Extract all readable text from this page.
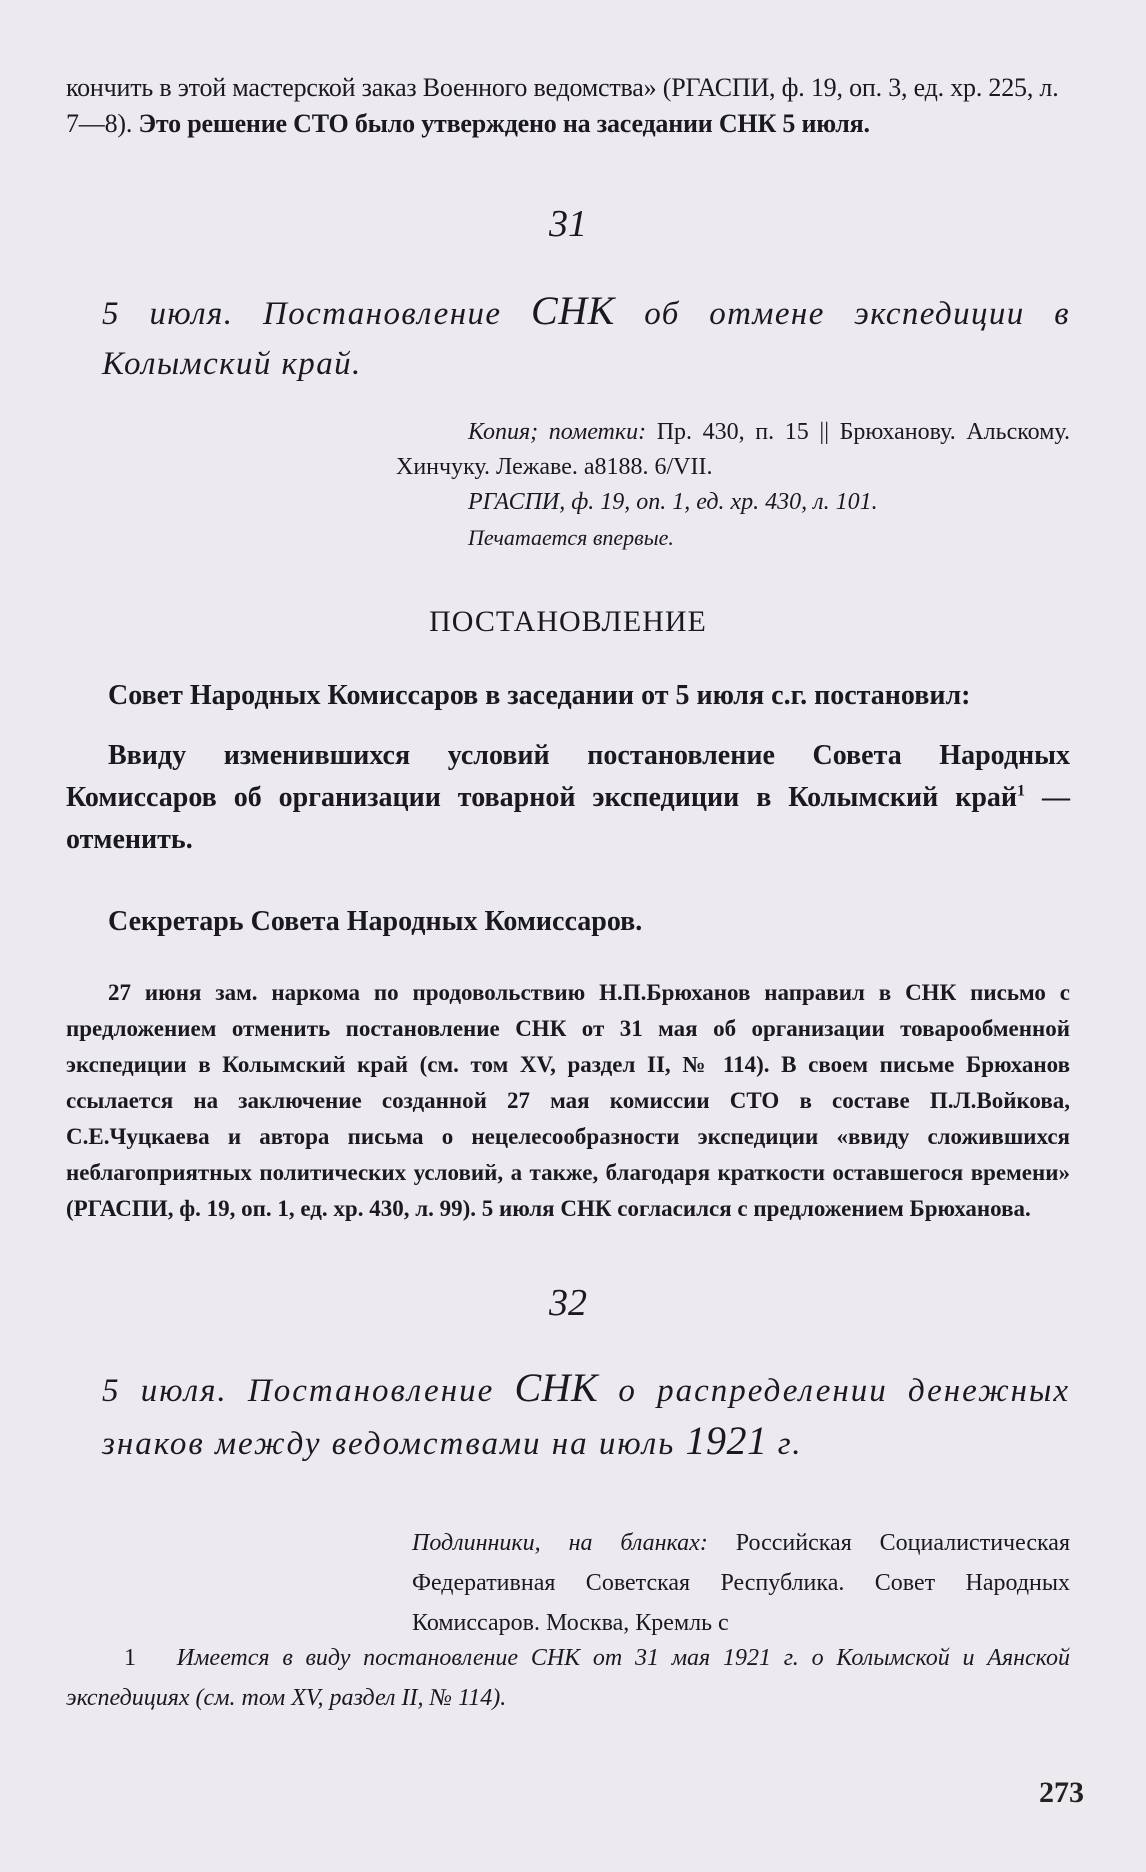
кончить в этой мастерской заказ Военного ведомства» (РГАСПИ, ф. 19, оп. 3, ед. хр. 225, л. 7—8). Это решение СТО было утверждено на заседании СНК 5 июля.

31
5 июля. Постановление СНК об отмене экспедиции в Колымский край.
Копия; пометки: Пр. 430, п. 15 || Брюханову. Альскому. Хинчуку. Лежаве. а8188. 6/VII.
РГАСПИ, ф. 19, оп. 1, ед. хр. 430, л. 101.
Печатается впервые.
ПОСТАНОВЛЕНИЕ

Совет Народных Комиссаров в заседании от 5 июля с.г. постановил:

Ввиду изменившихся условий постановление Совета Народных Комиссаров об организации товарной экспедиции в Колымский край$^1$ — отменить.

Секретарь Совета Народных Комиссаров.

27 июня зам. наркома по продовольствию Н.П.Брюханов направил в СНК письмо с предложением отменить постановление СНК от 31 мая об организации товарообменной экспедиции в Колымский край (см. том XV, раздел II, № 114). В своем письме Брюханов ссылается на заключение созданной 27 мая комиссии СТО в составе П.Л.Войкова, С.Е.Чуцкаева и автора письма о нецелесообразности экспедиции «ввиду сложившихся неблагоприятных политических условий, а также, благодаря краткости оставшегося времени» (РГАСПИ, ф. 19, оп. 1, ед. хр. 430, л. 99). 5 июля СНК согласился с предложением Брюханова.

32
5 июля. Постановление СНК о распределении денежных знаков между ведомствами на июль 1921 г.
Подлинники, на бланках: Российская Социалистическая Федеративная Советская Республика. Совет Народных Комиссаров. Москва, Кремль с
1 Имеется в виду постановление СНК от 31 мая 1921 г. о Колымской и Аянской экспедициях (см. том XV, раздел II, № 114).
273
